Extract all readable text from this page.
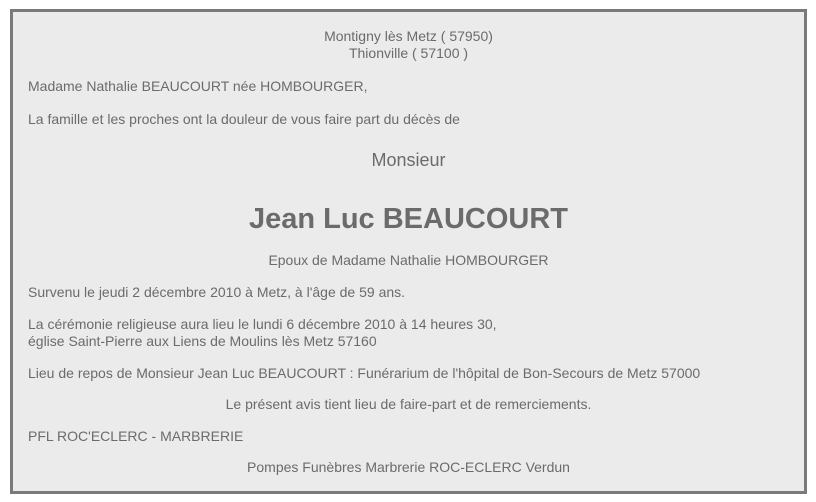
Montigny lès Metz ( 57950)
Thionville ( 57100 )
Madame Nathalie BEAUCOURT née HOMBOURGER,
La famille et les proches ont la douleur de vous faire part du décès de
Monsieur
Jean Luc BEAUCOURT
Epoux de Madame Nathalie HOMBOURGER
Survenu le jeudi 2 décembre 2010 à Metz, à l'âge de 59 ans.
La cérémonie religieuse aura lieu le lundi 6 décembre 2010 à 14 heures 30,
église Saint-Pierre aux Liens de Moulins lès Metz 57160
Lieu de repos de Monsieur Jean Luc BEAUCOURT : Funérarium de l'hôpital de Bon-Secours de Metz 57000
Le présent avis tient lieu de faire-part et de remerciements.
PFL ROC'ECLERC - MARBRERIE
Pompes Funèbres Marbrerie ROC-ECLERC Verdun
